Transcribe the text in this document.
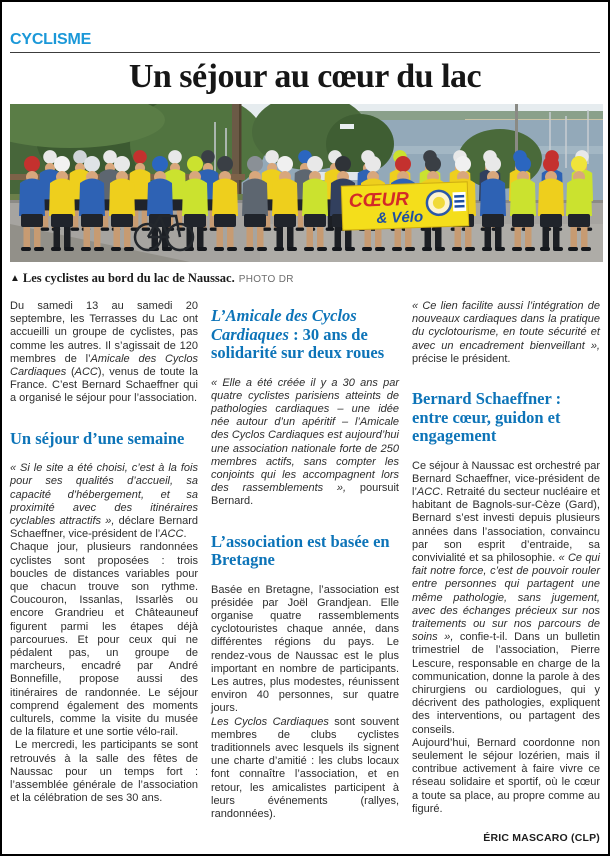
CYCLISME
Un séjour au cœur du lac
CŒUR
& Vélo
▲ Les cyclistes au bord du lac de Naussac. PHOTO DR

Du samedi 13 au samedi 20 septembre, les Terrasses du Lac ont accueilli un groupe de cyclistes, pas comme les autres. Il s’agissait de 120 membres de l’Amicale des Cyclos Cardiaques (ACC), venus de toute la France. C’est Bernard Schaeffner qui a organisé le séjour pour l’association.

Un séjour d’une semaine

« Si le site a été choisi, c’est à la fois pour ses qualités d’accueil, sa capacité d’hébergement, et sa proximité avec des itinéraires cyclables attractifs », déclare Bernard Schaeffner, vice-président de l’ACC.

Chaque jour, plusieurs randonnées cyclistes sont proposées : trois boucles de distances variables pour que chacun trouve son rythme. Coucouron, Issanlas, Issarlès ou encore Grandrieu et Châteauneuf figurent parmi les étapes déjà parcourues. Et pour ceux qui ne pédalent pas, un groupe de marcheurs, encadré par André Bonnefille, propose aussi des itinéraires de randonnée. Le séjour comprend également des moments culturels, comme la visite du musée de la filature et une sortie vélo-rail.

Le mercredi, les participants se sont retrouvés à la salle des fêtes de Naussac pour un temps fort : l’assemblée générale de l’association et la célébration de ses 30 ans.

L’Amicale des Cyclos Cardiaques : 30 ans de solidarité sur deux roues

« Elle a été créée il y a 30 ans par quatre cyclistes parisiens atteints de pathologies cardiaques – une idée née autour d’un apéritif – l’Amicale des Cyclos Cardiaques est aujourd’hui une association nationale forte de 250 membres actifs, sans compter les conjoints qui les accompagnent lors des rassemblements », poursuit Bernard.

L’association est basée en Bretagne

Basée en Bretagne, l’association est présidée par Joël Grandjean. Elle organise quatre rassemblements cyclotouristes chaque année, dans différentes régions du pays. Le rendez-vous de Naussac est le plus important en nombre de participants. Les autres, plus modestes, réunissent environ 40 personnes, sur quatre jours.

Les Cyclos Cardiaques sont souvent membres de clubs cyclistes traditionnels avec lesquels ils signent une charte d’amitié : les clubs locaux font connaître l’association, et en retour, les amicalistes participent à leurs événements (rallyes, randonnées).

« Ce lien facilite aussi l’intégration de nouveaux cardiaques dans la pratique du cyclotourisme, en toute sécurité et avec un encadrement bienveillant », précise le président.

Bernard Schaeffner : entre cœur, guidon et engagement

Ce séjour à Naussac est orchestré par Bernard Schaeffner, vice-président de l’ACC. Retraité du secteur nucléaire et habitant de Bagnols-sur-Cèze (Gard), Bernard s’est investi depuis plusieurs années dans l’association, convaincu par son esprit d’entraide, sa convivialité et sa philosophie. « Ce qui fait notre force, c’est de pouvoir rouler entre personnes qui partagent une même pathologie, sans jugement, avec des échanges précieux sur nos traitements ou sur nos parcours de soins », confie-t-il. Dans un bulletin trimestriel de l’association, Pierre Lescure, responsable en charge de la communication, donne la parole à des chirurgiens ou cardiologues, qui y décrivent des pathologies, expliquent des interventions, ou partagent des conseils.

Aujourd’hui, Bernard coordonne non seulement le séjour lozérien, mais il contribue activement à faire vivre ce réseau solidaire et sportif, où le cœur a toute sa place, au propre comme au figuré.

ÉRIC MASCARO (CLP)
